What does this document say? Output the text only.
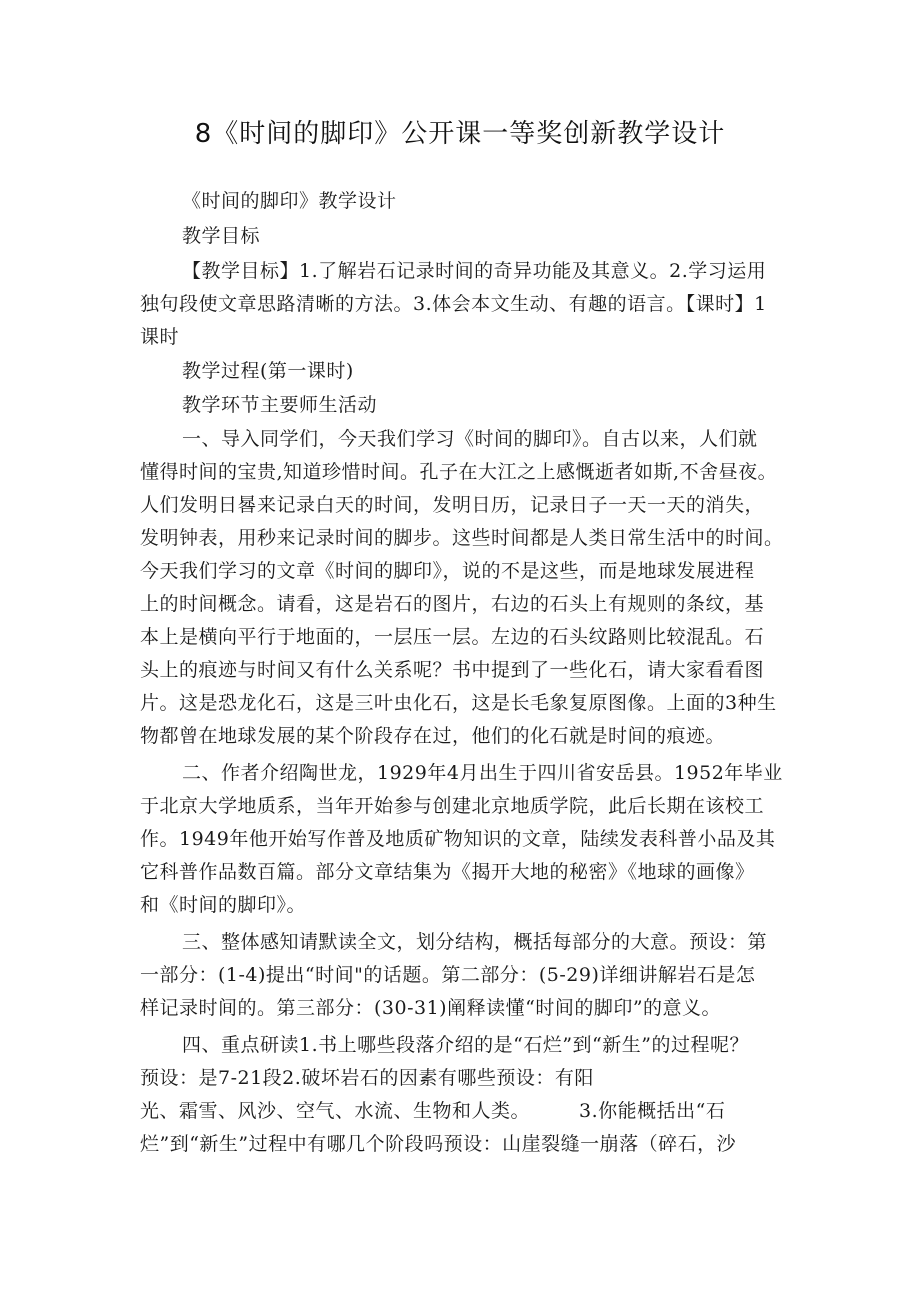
8《时间的脚印》公开课一等奖创新教学设计
《时间的脚印》教学设计
教学目标
【教学目标】1.了解岩石记录时间的奇异功能及其意义。2.学习运用
独句段使文章思路清晰的方法。3.体会本文生动、有趣的语言。【课时】1
课时
教学过程(第一课时)
教学环节主要师生活动
一、导入同学们，今天我们学习《时间的脚印》。自古以来，人们就
懂得时间的宝贵,知道珍惜时间。孔子在大江之上感慨逝者如斯,不舍昼夜。
人们发明日晷来记录白天的时间，发明日历，记录日子一天一天的消失，
发明钟表，用秒来记录时间的脚步。这些时间都是人类日常生活中的时间。
今天我们学习的文章《时间的脚印》，说的不是这些，而是地球发展进程
上的时间概念。请看，这是岩石的图片，右边的石头上有规则的条纹，基
本上是横向平行于地面的，一层压一层。左边的石头纹路则比较混乱。石
头上的痕迹与时间又有什么关系呢？书中提到了一些化石，请大家看看图
片。这是恐龙化石，这是三叶虫化石，这是长毛象复原图像。上面的3种生
物都曾在地球发展的某个阶段存在过，他们的化石就是时间的痕迹。
二、作者介绍陶世龙，1929年4月出生于四川省安岳县。1952年毕业
于北京大学地质系，当年开始参与创建北京地质学院，此后长期在该校工
作。1949年他开始写作普及地质矿物知识的文章，陆续发表科普小品及其
它科普作品数百篇。部分文章结集为《揭开大地的秘密》《地球的画像》
和《时间的脚印》。
三、整体感知请默读全文，划分结构，概括每部分的大意。预设：第
一部分：(1-4)提出“时间"的话题。第二部分：(5-29)详细讲解岩石是怎
样记录时间的。第三部分：(30-31)阐释读懂“时间的脚印”的意义。
四、重点研读1.书上哪些段落介绍的是“石烂”到“新生”的过程呢？
预设：是7-21段2.破坏岩石的因素有哪些预设：有阳
光、霜雪、风沙、空气、水流、生物和人类。　　　3.你能概括出“石
烂”到“新生”过程中有哪几个阶段吗预设：山崖裂缝一崩落（碎石，沙
